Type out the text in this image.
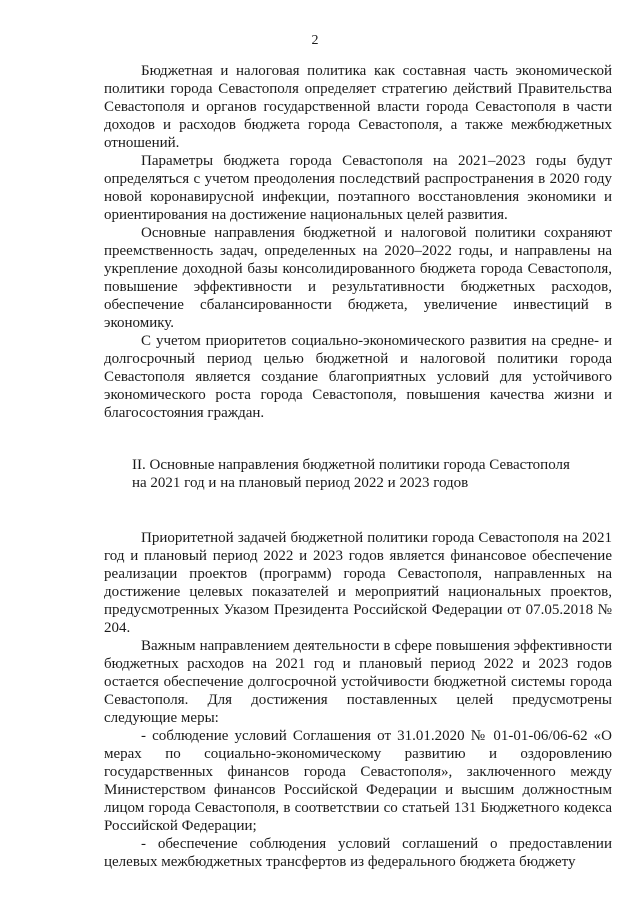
2

Бюджетная и налоговая политика как составная часть экономической политики города Севастополя определяет стратегию действий Правительства Севастополя и органов государственной власти города Севастополя в части доходов и расходов бюджета города Севастополя, а также межбюджетных отношений.

Параметры бюджета города Севастополя на 2021–2023 годы будут определяться с учетом преодоления последствий распространения в 2020 году новой коронавирусной инфекции, поэтапного восстановления экономики и ориентирования на достижение национальных целей развития.

Основные направления бюджетной и налоговой политики сохраняют преемственность задач, определенных на 2020–2022 годы, и направлены на укрепление доходной базы консолидированного бюджета города Севастополя, повышение эффективности и результативности бюджетных расходов, обеспечение сбалансированности бюджета, увеличение инвестиций в экономику.

С учетом приоритетов социально-экономического развития на средне- и долгосрочный период целью бюджетной и налоговой политики города Севастополя является создание благоприятных условий для устойчивого экономического роста города Севастополя, повышения качества жизни и благосостояния граждан.

II. Основные направления бюджетной политики города Севастополя

на 2021 год и на плановый период 2022 и 2023 годов

Приоритетной задачей бюджетной политики города Севастополя на 2021 год и плановый период 2022 и 2023 годов является финансовое обеспечение реализации проектов (программ) города Севастополя, направленных на достижение целевых показателей и мероприятий национальных проектов, предусмотренных Указом Президента Российской Федерации от 07.05.2018 № 204.

Важным направлением деятельности в сфере повышения эффективности бюджетных расходов на 2021 год и плановый период 2022 и 2023 годов остается обеспечение долгосрочной устойчивости бюджетной системы города Севастополя. Для достижения поставленных целей предусмотрены следующие меры:

- соблюдение условий Соглашения от 31.01.2020 № 01-01-06/06-62 «О мерах по социально-экономическому развитию и оздоровлению государственных финансов города Севастополя», заключенного между Министерством финансов Российской Федерации и высшим должностным лицом города Севастополя, в соответствии со статьей 131 Бюджетного кодекса Российской Федерации;

- обеспечение соблюдения условий соглашений о предоставлении целевых межбюджетных трансфертов из федерального бюджета бюджету
